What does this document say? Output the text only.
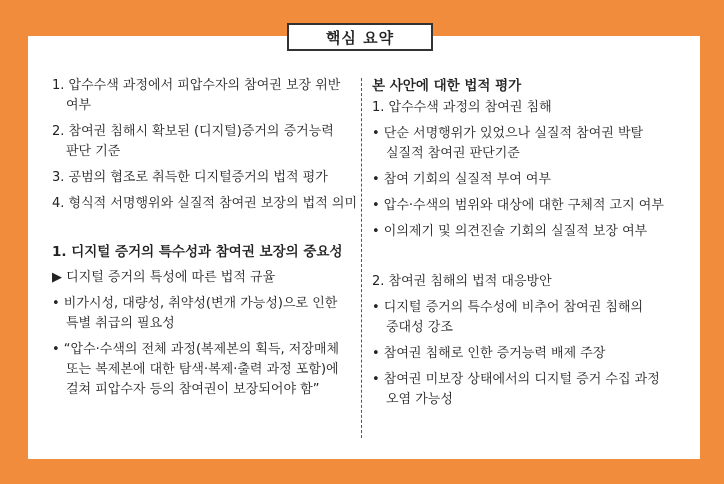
핵심 요약
1. 압수수색 과정에서 피압수자의 참여권 보장 위반
여부
2. 참여권 침해시 확보된 (디지털)증거의 증거능력
판단 기준
3. 공범의 협조로 취득한 디지털증거의 법적 평가
4. 형식적 서명행위와 실질적 참여권 보장의 법적 의미
1. 디지털 증거의 특수성과 참여권 보장의 중요성
▶ 디지털 증거의 특성에 따른 법적 규율
• 비가시성, 대량성, 취약성(변개 가능성)으로 인한
특별 취급의 필요성
• “압수·수색의 전체 과정(복제본의 획득, 저장매체
또는 복제본에 대한 탐색·복제·출력 과정 포함)에
걸쳐 피압수자 등의 참여권이 보장되어야 함”
본 사안에 대한 법적 평가
1. 압수수색 과정의 참여권 침해
• 단순 서명행위가 있었으나 실질적 참여권 박탈
실질적 참여권 판단기준
• 참여 기회의 실질적 부여 여부
• 압수·수색의 범위와 대상에 대한 구체적 고지 여부
• 이의제기 및 의견진술 기회의 실질적 보장 여부
2. 참여권 침해의 법적 대응방안
• 디지털 증거의 특수성에 비추어 참여권 침해의
중대성 강조
• 참여권 침해로 인한 증거능력 배제 주장
• 참여권 미보장 상태에서의 디지털 증거 수집 과정
오염 가능성
